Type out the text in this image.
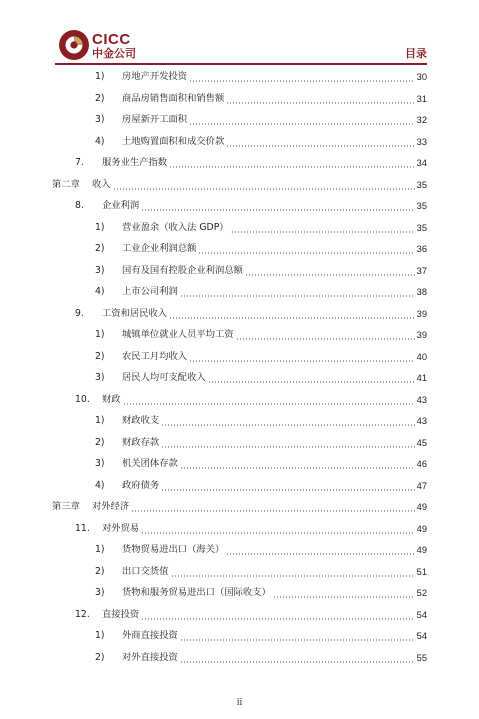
CICC
中金公司	目录
1)	房地产开发投资	30
2)	商品房销售面积和销售额	31
3)	房屋新开工面积	32
4)	土地购置面积和成交价款	33
7.	服务业生产指数	34
第二章	收入	35
8.	企业利润	35
1)	营业盈余（收入法 GDP）	35
2)	工业企业利润总额	36
3)	国有及国有控股企业利润总额	37
4)	上市公司利润	38
9.	工资和居民收入	39
1)	城镇单位就业人员平均工资	39
2)	农民工月均收入	40
3)	居民人均可支配收入	41
10.	财政	43
1)	财政收支	43
2)	财政存款	45
3)	机关团体存款	46
4)	政府债务	47
第三章	对外经济	49
11.	对外贸易	49
1)	货物贸易进出口（海关）	49
2)	出口交货值	51
3)	货物和服务贸易进出口（国际收支）	52
12.	直接投资	54
1)	外商直接投资	54
2)	对外直接投资	55
ii
